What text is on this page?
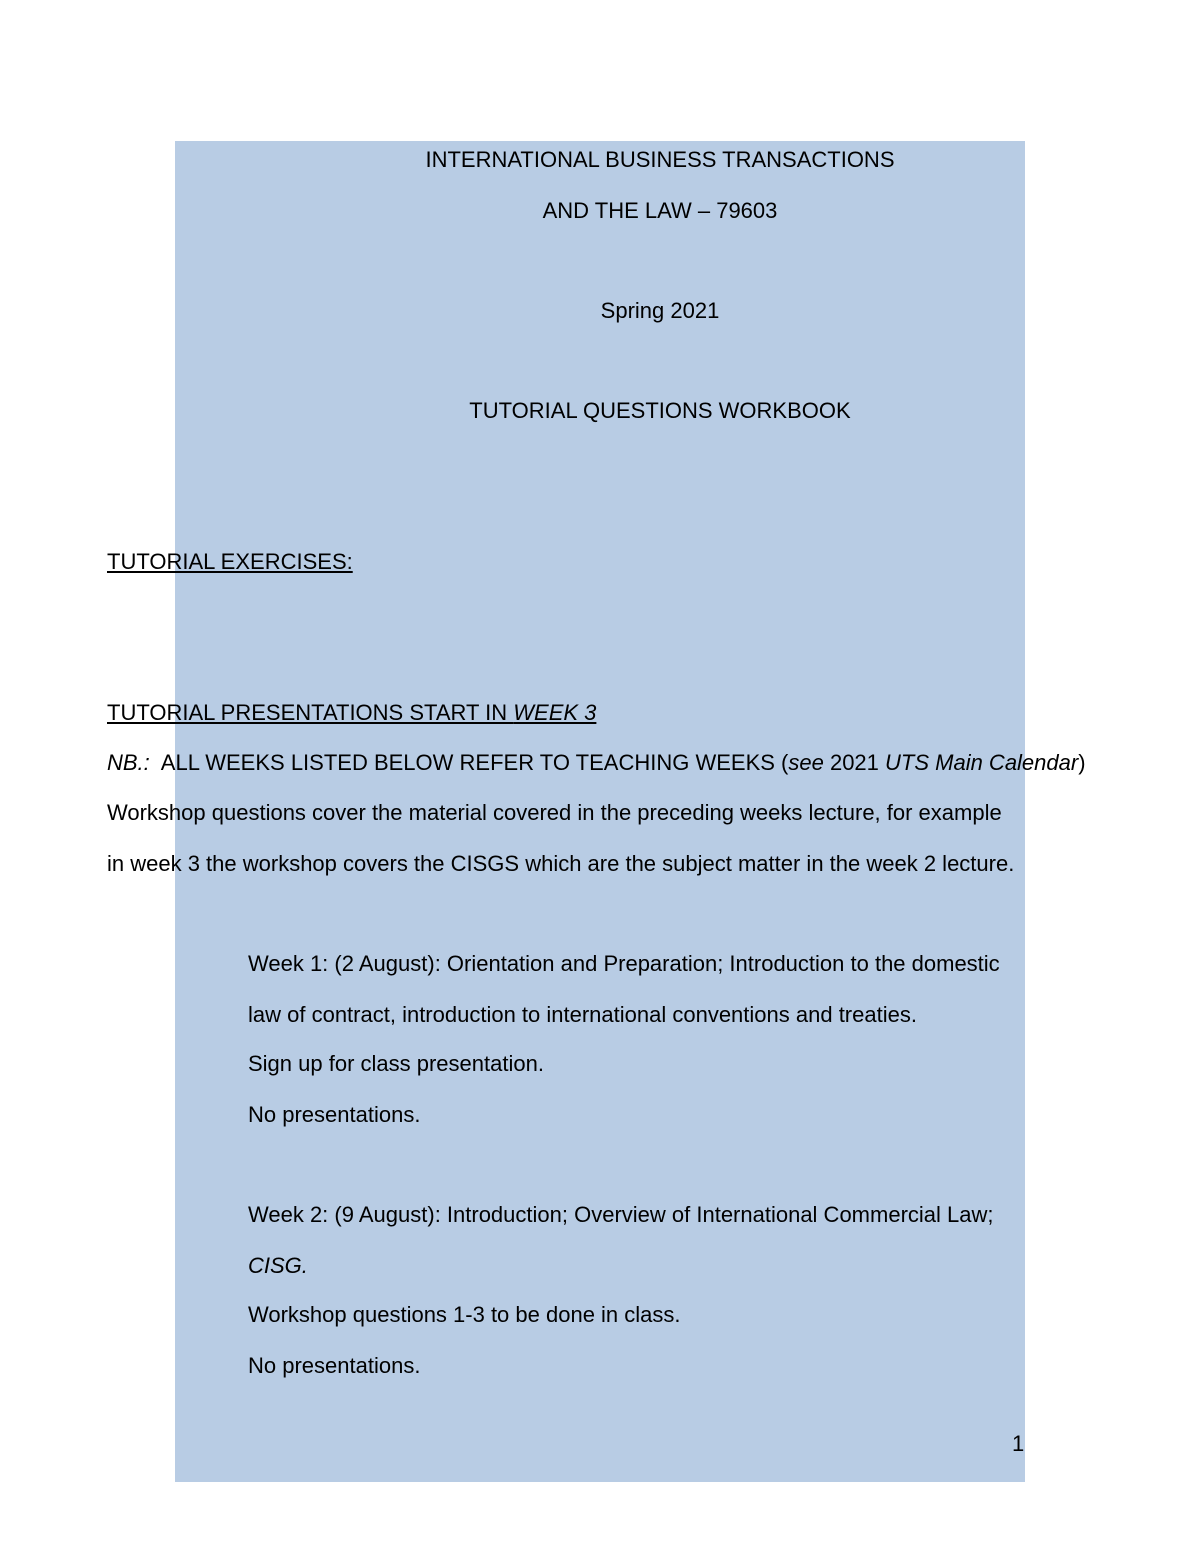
INTERNATIONAL BUSINESS TRANSACTIONS
AND THE LAW – 79603
Spring 2021
TUTORIAL QUESTIONS WORKBOOK
TUTORIAL EXERCISES:
TUTORIAL PRESENTATIONS START IN WEEK 3
NB.:  ALL WEEKS LISTED BELOW REFER TO TEACHING WEEKS (see 2021 UTS Main Calendar)
Workshop questions cover the material covered in the preceding weeks lecture, for example
in week 3 the workshop covers the CISGS which are the subject matter in the week 2 lecture.
Week 1: (2 August): Orientation and Preparation; Introduction to the domestic
law of contract, introduction to international conventions and treaties.
Sign up for class presentation.
No presentations.
Week 2: (9 August): Introduction; Overview of International Commercial Law;
CISG.
Workshop questions 1-3 to be done in class.
No presentations.
1
